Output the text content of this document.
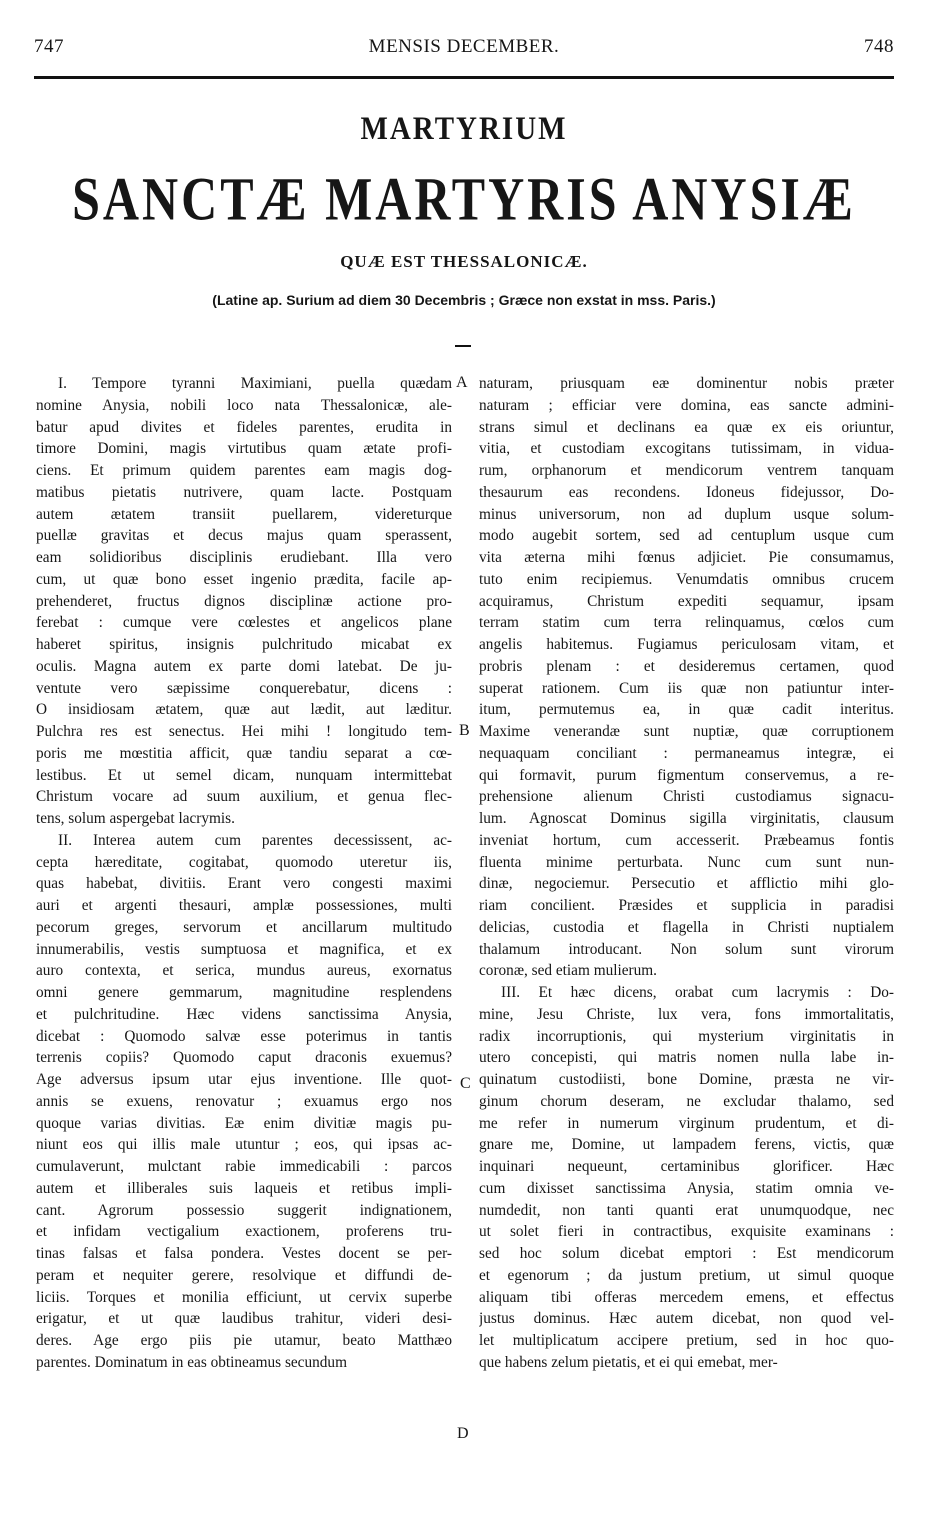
747	MENSIS DECEMBER.	748
MARTYRIUM
SANCTÆ MARTYRIS ANYSIÆ
QUÆ EST THESSALONICÆ.
(Latine ap. Surium ad diem 30 Decembris ; Græce non exstat in mss. Paris.)
I. Tempore tyranni Maximiani, puella quædam
nomine Anysia, nobili loco nata Thessalonicæ, ale-
batur apud divites et fideles parentes, erudita in
timore Domini, magis virtutibus quam ætate profi-
ciens. Et primum quidem parentes eam magis dog-
matibus pietatis nutrivere, quam lacte. Postquam
autem ætatem transiit puellarem, videreturque
puellæ gravitas et decus majus quam sperassent,
eam solidioribus disciplinis erudiebant. Illa vero
cum, ut quæ bono esset ingenio prædita, facile ap-
prehenderet, fructus dignos disciplinæ actione pro-
ferebat : cumque vere cœlestes et angelicos plane
haberet spiritus, insignis pulchritudo micabat ex
oculis. Magna autem ex parte domi latebat. De ju-
ventute vero sæpissime conquerebatur, dicens :
O insidiosam ætatem, quæ aut lædit, aut læditur.
Pulchra res est senectus. Hei mihi ! longitudo tem-
poris me mœstitia afficit, quæ tandiu separat a cœ-
lestibus. Et ut semel dicam, nunquam intermittebat
Christum vocare ad suum auxilium, et genua flec-
tens, solum aspergebat lacrymis.
II. Interea autem cum parentes decessissent, ac-
cepta hæreditate, cogitabat, quomodo uteretur iis,
quas habebat, divitiis. Erant vero congesti maximi
auri et argenti thesauri, amplæ possessiones, multi
pecorum greges, servorum et ancillarum multitudo
innumerabilis, vestis sumptuosa et magnifica, et ex
auro contexta, et serica, mundus aureus, exornatus
omni genere gemmarum, magnitudine resplendens
et pulchritudine. Hæc videns sanctissima Anysia,
dicebat : Quomodo salvæ esse poterimus in tantis
terrenis copiis? Quomodo caput draconis exuemus?
Age adversus ipsum utar ejus inventione. Ille quot-
annis se exuens, renovatur ; exuamus ergo nos
quoque varias divitias. Eæ enim divitiæ magis pu-
niunt eos qui illis male utuntur ; eos, qui ipsas ac-
cumulaverunt, mulctant rabie immedicabili : parcos
autem et illiberales suis laqueis et retibus impli-
cant. Agrorum possessio suggerit indignationem,
et infidam vectigalium exactionem, proferens tru-
tinas falsas et falsa pondera. Vestes docent se per-
peram et nequiter gerere, resolvique et diffundi de-
liciis. Torques et monilia efficiunt, ut cervix superbe
erigatur, et ut quæ laudibus trahitur, videri desi-
deres. Age ergo piis pie utamur, beato Matthæo
parentes. Dominatum in eas obtineamus secundum
naturam, priusquam eæ dominentur nobis præter
naturam ; efficiar vere domina, eas sancte admini-
strans simul et declinans ea quæ ex eis oriuntur,
vitia, et custodiam excogitans tutissimam, in vidua-
rum, orphanorum et mendicorum ventrem tanquam
thesaurum eas recondens. Idoneus fidejussor, Do-
minus universorum, non ad duplum usque solum-
modo augebit sortem, sed ad centuplum usque cum
vita æterna mihi fœnus adjiciet. Pie consumamus,
tuto enim recipiemus. Venumdatis omnibus crucem
acquiramus, Christum expediti sequamur, ipsam
terram statim cum terra relinquamus, cœlos cum
angelis habitemus. Fugiamus periculosam vitam, et
probris plenam : et desideremus certamen, quod
superat rationem. Cum iis quæ non patiuntur inter-
itum, permutemus ea, in quæ cadit interitus.
Maxime venerandæ sunt nuptiæ, quæ corruptionem
nequaquam conciliant : permaneamus integræ, ei
qui formavit, purum figmentum conservemus, a re-
prehensione alienum Christi custodiamus signacu-
lum. Agnoscat Dominus sigilla virginitatis, clausum
inveniat hortum, cum accesserit. Præbeamus fontis
fluenta minime perturbata. Nunc cum sunt nun-
dinæ, negociemur. Persecutio et afflictio mihi glo-
riam concilient. Præsides et supplicia in paradisi
delicias, custodia et flagella in Christi nuptialem
thalamum introducant. Non solum sunt virorum
coronæ, sed etiam mulierum.
III. Et hæc dicens, orabat cum lacrymis : Do-
mine, Jesu Christe, lux vera, fons immortalitatis,
radix incorruptionis, qui mysterium virginitatis in
utero concepisti, qui matris nomen nulla labe in-
quinatum custodiisti, bone Domine, præsta ne vir-
ginum chorum deseram, ne excludar thalamo, sed
me refer in numerum virginum prudentum, et di-
gnare me, Domine, ut lampadem ferens, victis, quæ
inquinari nequeunt, certaminibus glorificer. Hæc
cum dixisset sanctissima Anysia, statim omnia ve-
numdedit, non tanti quanti erat unumquodque, nec
ut solet fieri in contractibus, exquisite examinans :
sed hoc solum dicebat emptori : Est mendicorum
et egenorum ; da justum pretium, ut simul quoque
aliquam tibi offeras mercedem emens, et effectus
justus dominus. Hæc autem dicebat, non quod vel-
let multiplicatum accipere pretium, sed in hoc quo-
que habens zelum pietatis, et ei qui emebat, mer-
A
B
C
D
